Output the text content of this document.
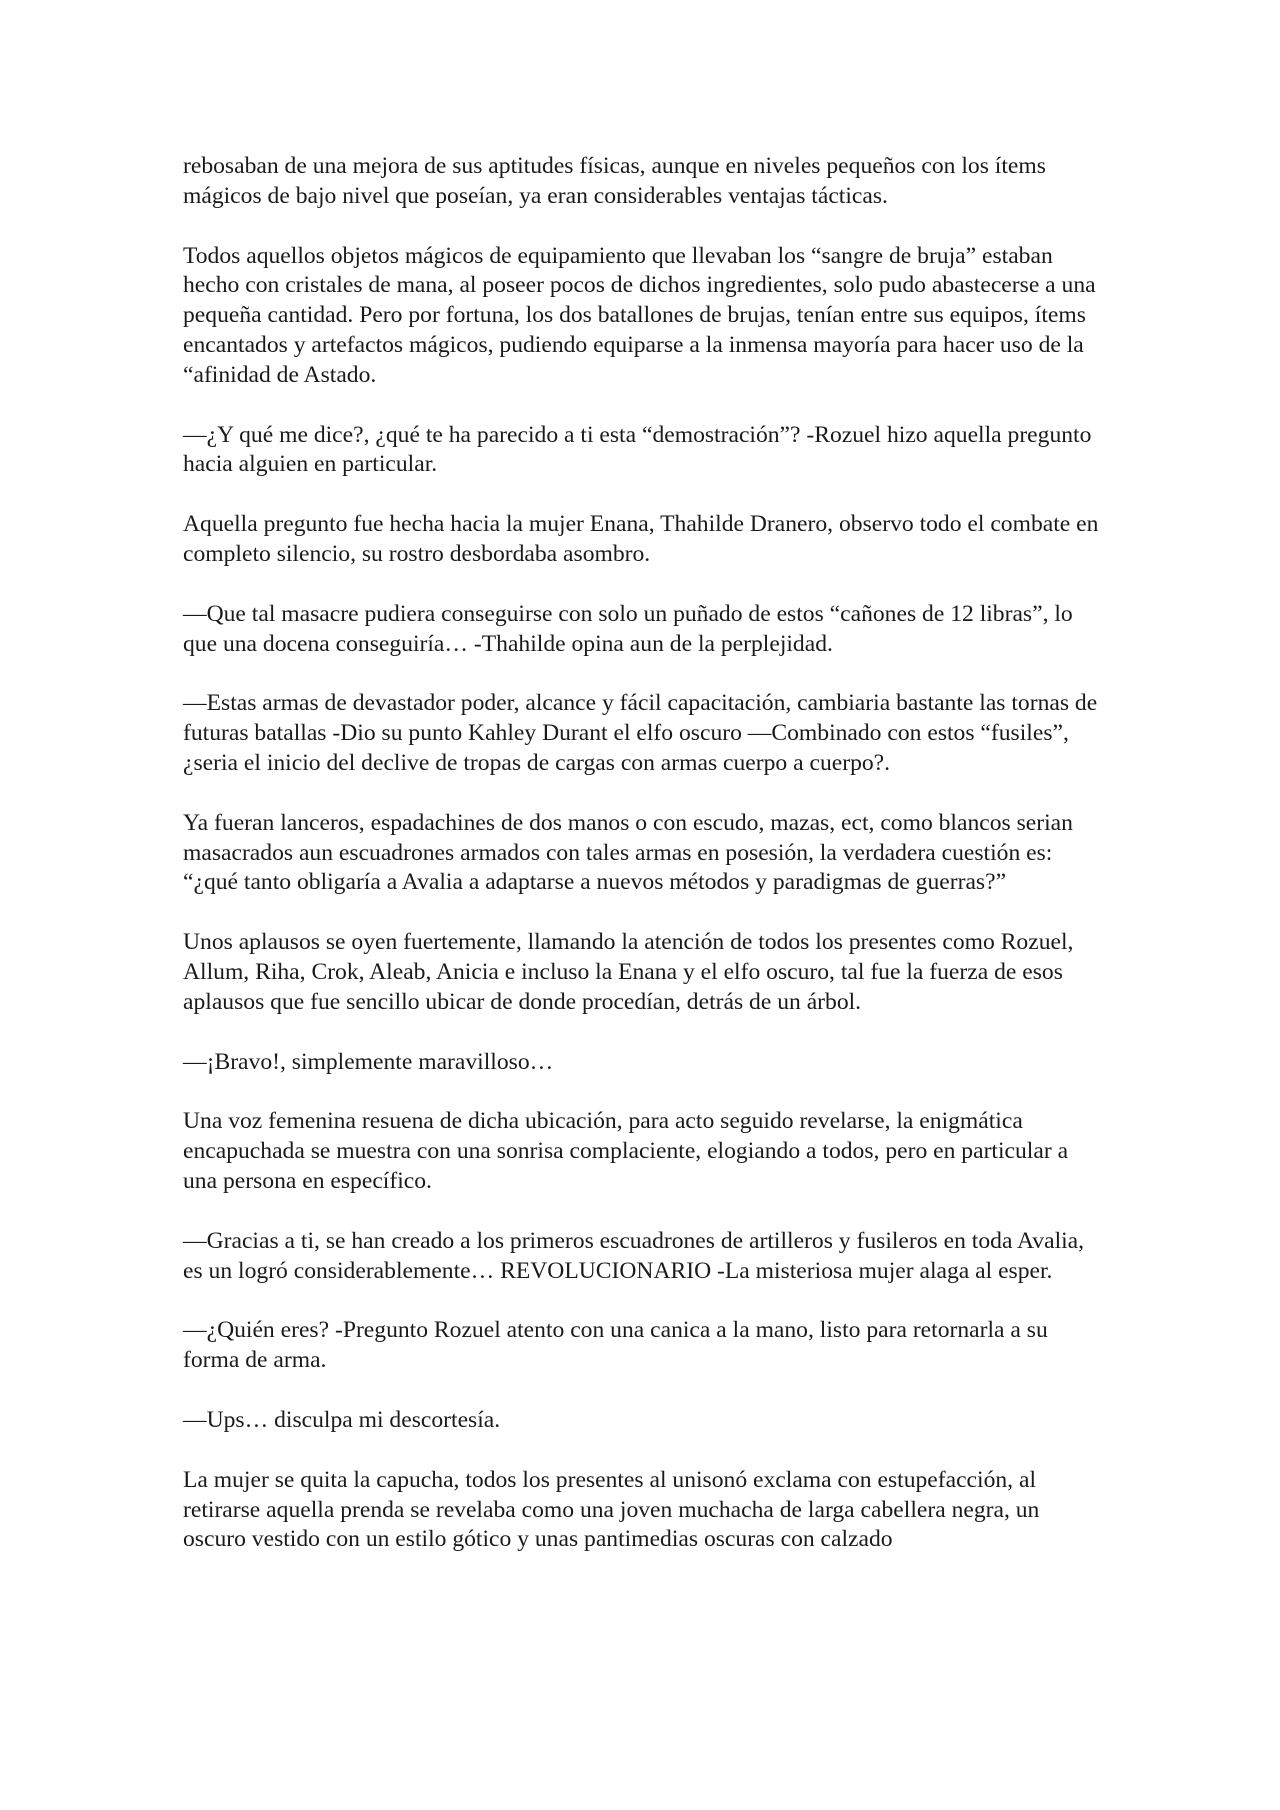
rebosaban de una mejora de sus aptitudes físicas, aunque en niveles pequeños con los ítems mágicos de bajo nivel que poseían, ya eran considerables ventajas tácticas.

Todos aquellos objetos mágicos de equipamiento que llevaban los “sangre de bruja” estaban hecho con cristales de mana, al poseer pocos de dichos ingredientes, solo pudo abastecerse a una pequeña cantidad. Pero por fortuna, los dos batallones de brujas, tenían entre sus equipos, ítems encantados y artefactos mágicos, pudiendo equiparse a la inmensa mayoría para hacer uso de la “afinidad de Astado.

—¿Y qué me dice?, ¿qué te ha parecido a ti esta “demostración”? -Rozuel hizo aquella pregunto hacia alguien en particular.

Aquella pregunto fue hecha hacia la mujer Enana, Thahilde Dranero, observo todo el combate en completo silencio, su rostro desbordaba asombro.

—Que tal masacre pudiera conseguirse con solo un puñado de estos “cañones de 12 libras”, lo que una docena conseguiría… -Thahilde opina aun de la perplejidad.

—Estas armas de devastador poder, alcance y fácil capacitación, cambiaria bastante las tornas de futuras batallas -Dio su punto Kahley Durant el elfo oscuro —Combinado con estos “fusiles”, ¿seria el inicio del declive de tropas de cargas con armas cuerpo a cuerpo?.

Ya fueran lanceros, espadachines de dos manos o con escudo, mazas, ect, como blancos serian masacrados aun escuadrones armados con tales armas en posesión, la verdadera cuestión es: “¿qué tanto obligaría a Avalia a adaptarse a nuevos métodos y paradigmas de guerras?”

Unos aplausos se oyen fuertemente, llamando la atención de todos los presentes como Rozuel, Allum, Riha, Crok, Aleab, Anicia e incluso la Enana y el elfo oscuro, tal fue la fuerza de esos aplausos que fue sencillo ubicar de donde procedían, detrás de un árbol.

—¡Bravo!, simplemente maravilloso…

Una voz femenina resuena de dicha ubicación, para acto seguido revelarse, la enigmática encapuchada se muestra con una sonrisa complaciente, elogiando a todos, pero en particular a una persona en específico.

—Gracias a ti, se han creado a los primeros escuadrones de artilleros y fusileros en toda Avalia, es un logró considerablemente… REVOLUCIONARIO -La misteriosa mujer alaga al esper.

—¿Quién eres? -Pregunto Rozuel atento con una canica a la mano, listo para retornarla a su forma de arma.

—Ups… disculpa mi descortesía.

La mujer se quita la capucha, todos los presentes al unisonó exclama con estupefacción, al retirarse aquella prenda se revelaba como una joven muchacha de larga cabellera negra, un oscuro vestido con un estilo gótico y unas pantimedias oscuras con calzado
